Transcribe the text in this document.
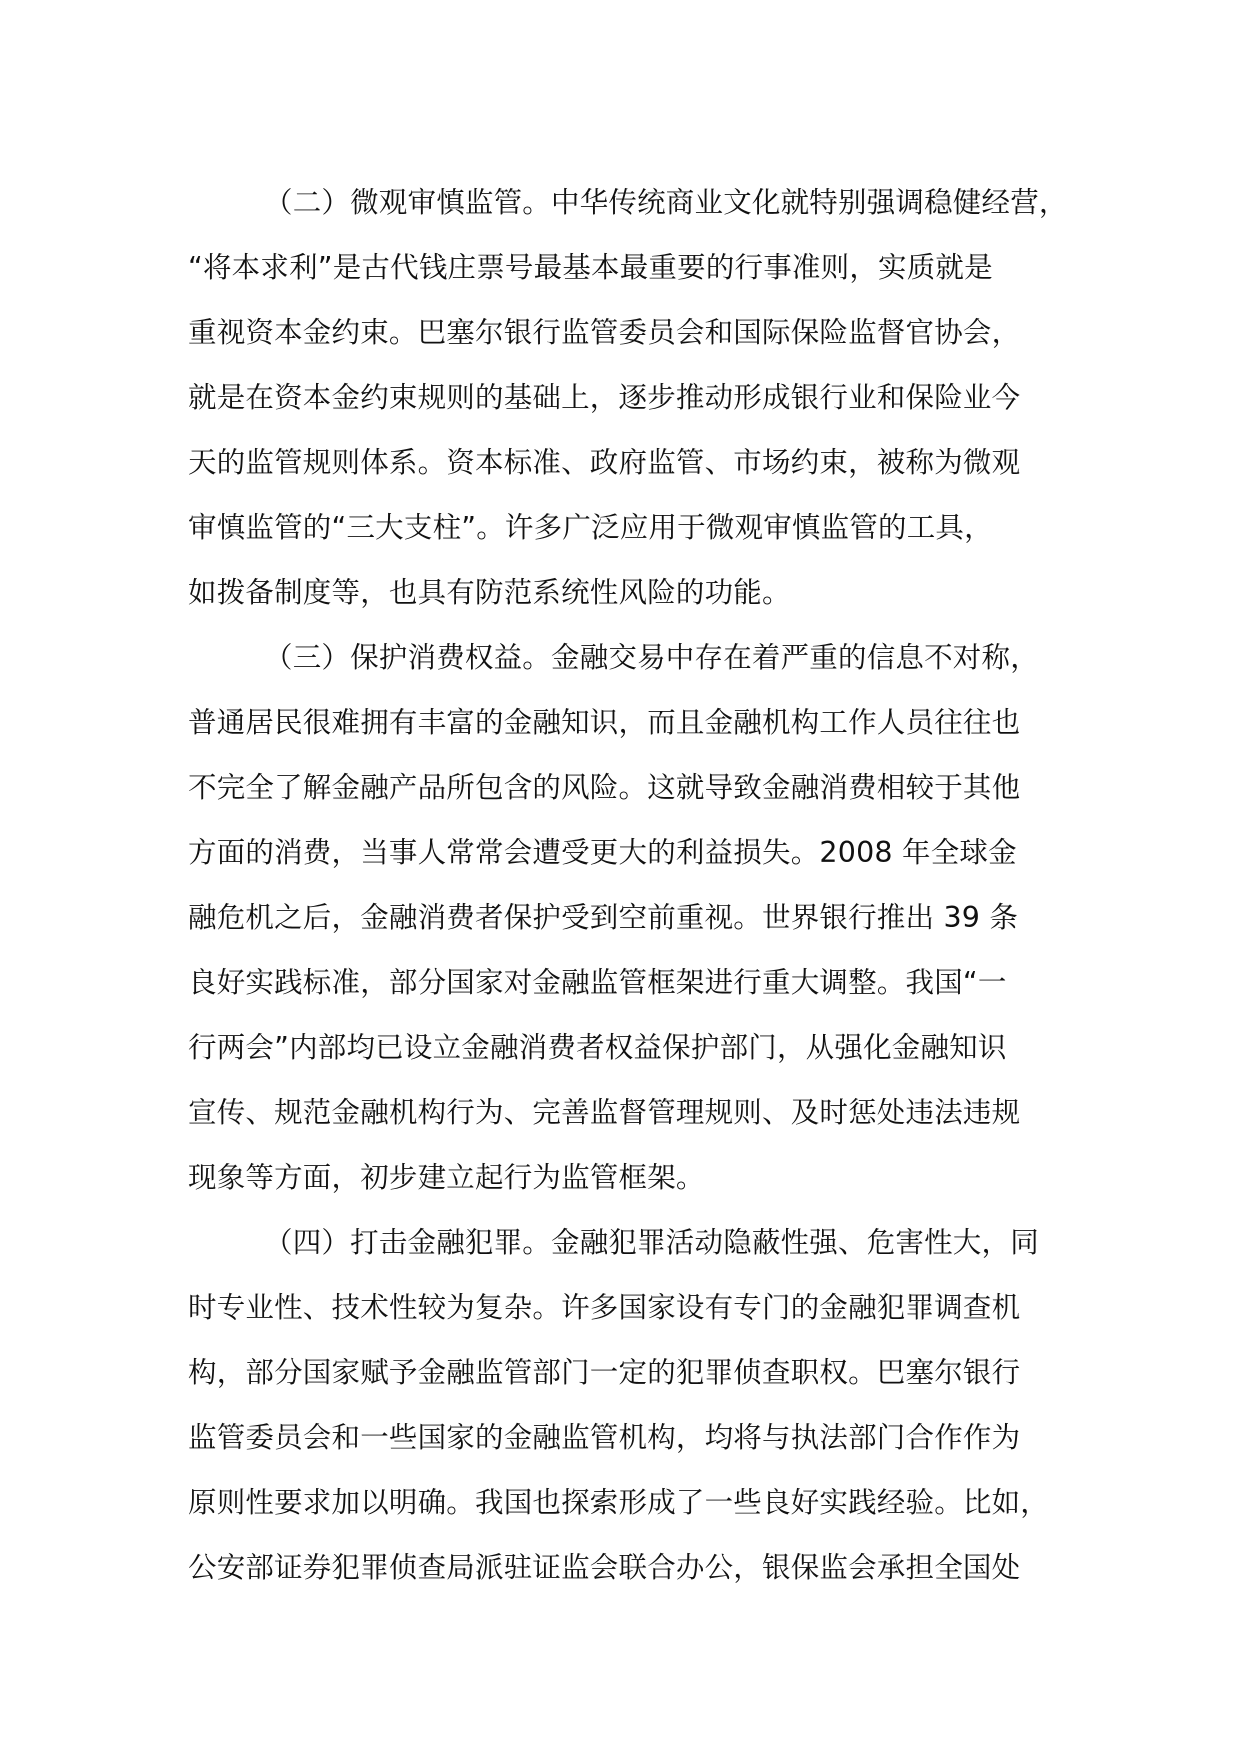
（二）微观审慎监管。中华传统商业文化就特别强调稳健经营，
“将本求利”是古代钱庄票号最基本最重要的行事准则，实质就是
重视资本金约束。巴塞尔银行监管委员会和国际保险监督官协会，
就是在资本金约束规则的基础上，逐步推动形成银行业和保险业今
天的监管规则体系。资本标准、政府监管、市场约束，被称为微观
审慎监管的“三大支柱”。许多广泛应用于微观审慎监管的工具，
如拨备制度等，也具有防范系统性风险的功能。
（三）保护消费权益。金融交易中存在着严重的信息不对称，
普通居民很难拥有丰富的金融知识，而且金融机构工作人员往往也
不完全了解金融产品所包含的风险。这就导致金融消费相较于其他
方面的消费，当事人常常会遭受更大的利益损失。2008 年全球金
融危机之后，金融消费者保护受到空前重视。世界银行推出 39 条
良好实践标准，部分国家对金融监管框架进行重大调整。我国“一
行两会”内部均已设立金融消费者权益保护部门，从强化金融知识
宣传、规范金融机构行为、完善监督管理规则、及时惩处违法违规
现象等方面，初步建立起行为监管框架。
（四）打击金融犯罪。金融犯罪活动隐蔽性强、危害性大，同
时专业性、技术性较为复杂。许多国家设有专门的金融犯罪调查机
构，部分国家赋予金融监管部门一定的犯罪侦查职权。巴塞尔银行
监管委员会和一些国家的金融监管机构，均将与执法部门合作作为
原则性要求加以明确。我国也探索形成了一些良好实践经验。比如，
公安部证券犯罪侦查局派驻证监会联合办公，银保监会承担全国处
